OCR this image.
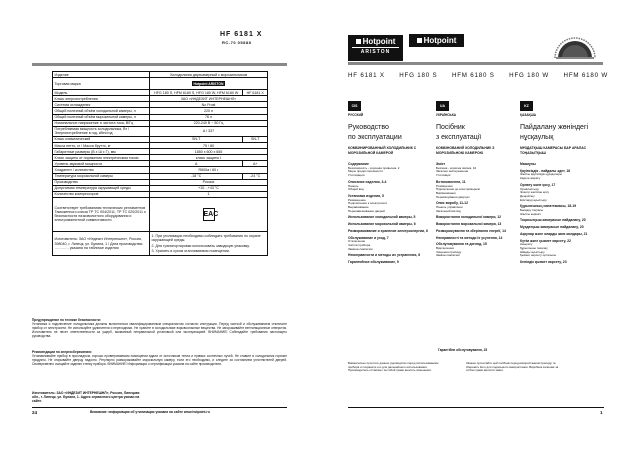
HF 6181 X
RС-70 05888
Изделие	Холодильник двухкамерный с морозильником	
Торговая марка	Hotpoint ARISTON	
Модель	HFG 180 S, HFM 6180 S, HFG 180 W, HFM 6180 W	HF 6181 X
Класс энергопотребления	ЗАО «ИНДЕЗИТ ИНТЕРНЕШНЛ»	
Система охлаждения	No Frost	
Общий полезный объём холодильной камеры, л	220 л	
Общий полезный объём морозильной камеры, л	76 л	
Номинальное напряжение и частота тока, В/Гц	220-240 В ~ 50 Гц	
Потребляемая мощность холодильника, Вт / Энергопотребление в год, кВтч/год	A / 337	
Класс климатический	SN-T	SN-T
Масса нетто, кг / Масса брутто, кг	75 / 80	
Габаритные размеры (В x Ш x Г), мм	1850 x 600 x 655	
Класс защиты от поражения электрическим током	класс защиты I	
Уровень звуковой мощности	A	A+
Хладагент / количество	R600a / 60 г	
Температура морозильной камеры	-18 °C	-24 °C
Производство	Россия	
Допустимая температура окружающей среды	+10…+43 °C	
Количество компрессоров	1	
Соответствует требованиям технических регламентов Таможенного союза ТР ТС 004/2011, ТР ТС 020/2011 о безопасности низковольтного оборудования и электромагнитной совместимости	EAC	
Изготовитель: ЗАО «Индезит Интернешнл», Россия, 398040, г. Липецк, ул. Бунина, 1 / Дата производства: ………… указана на табличке изделия	1. При утилизации необходимо соблюдать требования по охране окружающей среды.
2. Для транспортировки использовать заводскую упаковку.
3. Хранить в сухом отапливаемом помещении.	
Предупреждение по технике безопасности:
Установка и подключение холодильника должны выполняться квалифицированным специалистом согласно инструкции. Перед чисткой и обслуживанием отключите прибор от электросети. Не используйте удлинители и переходники. Не храните в холодильнике взрывоопасные вещества. Не загораживайте вентиляционные отверстия. Изготовитель не несет ответственности за ущерб, вызванный неправильной установкой или эксплуатацией. ВНИМАНИЕ! Соблюдайте требования настоящего руководства.
Рекомендации по энергосбережению:
Устанавливайте прибор в прохладном, хорошо проветриваемом помещении вдали от источников тепла и прямых солнечных лучей. Не ставьте в холодильник горячие продукты. Не открывайте дверцу надолго. Регулярно размораживайте морозильную камеру, если это необходимо, и следите за состоянием уплотнителей дверей. Своевременно очищайте заднюю стенку прибора. ВНИМАНИЕ! Информация о сертификации указана на сайте производителя.
Изготовитель: ЗАО «ИНДЕЗИТ ИНТЕРНЕШНЛ», Россия, Липецкая обл., г. Липецк, ул. Бунина, 1. Адрес сервисного центра указан на сайте.
24	Внимание: информация об утилизации указана на сайте www.hotpoint.ru
Hotpoint
ARISTON
Hotpoint
HF 6181 X HFG 180 S HFM 6180 S HFG 180 W HFM 6180 W
CIS
РУССКИЙ
Руководство
по эксплуатации
КОМБИНИРОВАННЫЙ ХОЛОДИЛЬНИК С МОРОЗИЛЬНОЙ КАМЕРОЙ
Содержание
Безопасность - хорошая привычка, 2
Меры предосторожности
Утилизация
Описание изделия, 3-4
Панель
Общий вид
Установка изделия, 5
Размещение
Подключение к электросети
Выравнивание
Перенавешивание дверей
Использование холодильной камеры, 5
Использование морозильной камеры, 6
Размораживание и хранение электроэнергии, 6
Обслуживание и уход, 7
Отключение
Чистка прибора
Замена лампочки
Неисправности и методы их устранения, 8
Гарантийное обслуживание, 9
UA
УКРАЇНСЬКА
Посібник
з експлуатації
КОМБІНОВАНИЙ ХОЛОДИЛЬНИК З МОРОЗИЛЬНОЮ КАМЕРОЮ
Зміст
Безпека - корисна звичка, 10
Загальні застереження
Утилізація
Встановлення, 11
Розміщення
Підключення до електромережі
Вирівнювання
Перевішування дверцят
Опис виробу, 11-12
Панель управління
Загальний вигляд
Використання холодильної камери, 12
Використання морозильної камери, 13
Розморожування та зберігання енергії, 14
Несправності та методи їх усунення, 14
Обслуговування та догляд, 15
Відключення
Чищення приладу
Заміна лампочки
KZ
ҚАЗАҚША
Пайдалану жөніндегі
нұсқаулық
МҰЗДАТҚЫШ КАМЕРАСЫ БАР АРАЛАС ТОҢАЗЫТҚЫШ
Мазмұны
Қауіпсіздік - пайдалы әдет, 16
Жалпы қауіпсіздік нұсқаулары
Кәдеге жарату
Орнату және қосу, 17
Орналастыру
Электр желісіне қосу
Деңгейлеу
Есіктерді ауыстыру
Құрылғының сипаттамасы, 18-19
Басқару тақтасы
Жалпы көрінісі
Тоңазытқыш камерасын пайдалану, 20
Мұздатқыш камерасын пайдалану, 20
Ақаулар және оларды жою жолдары, 21
Күтім және қызмет көрсету, 22
Ажырату
Құрылғыны тазалау
Шамды ауыстыру
Қызмет көрсету орталығы
Кепілдік қызмет көрсету, 23
Гарантійне обслуговування, 15
Внимательно прочтите данное руководство перед использованием прибора и сохраните его для дальнейшего использования. Производитель оставляет за собой право вносить изменения.
Уважно прочитайте цей посібник перед використанням приладу та збережіть його для подальшого використання. Виробник залишає за собою право вносити зміни.
1
